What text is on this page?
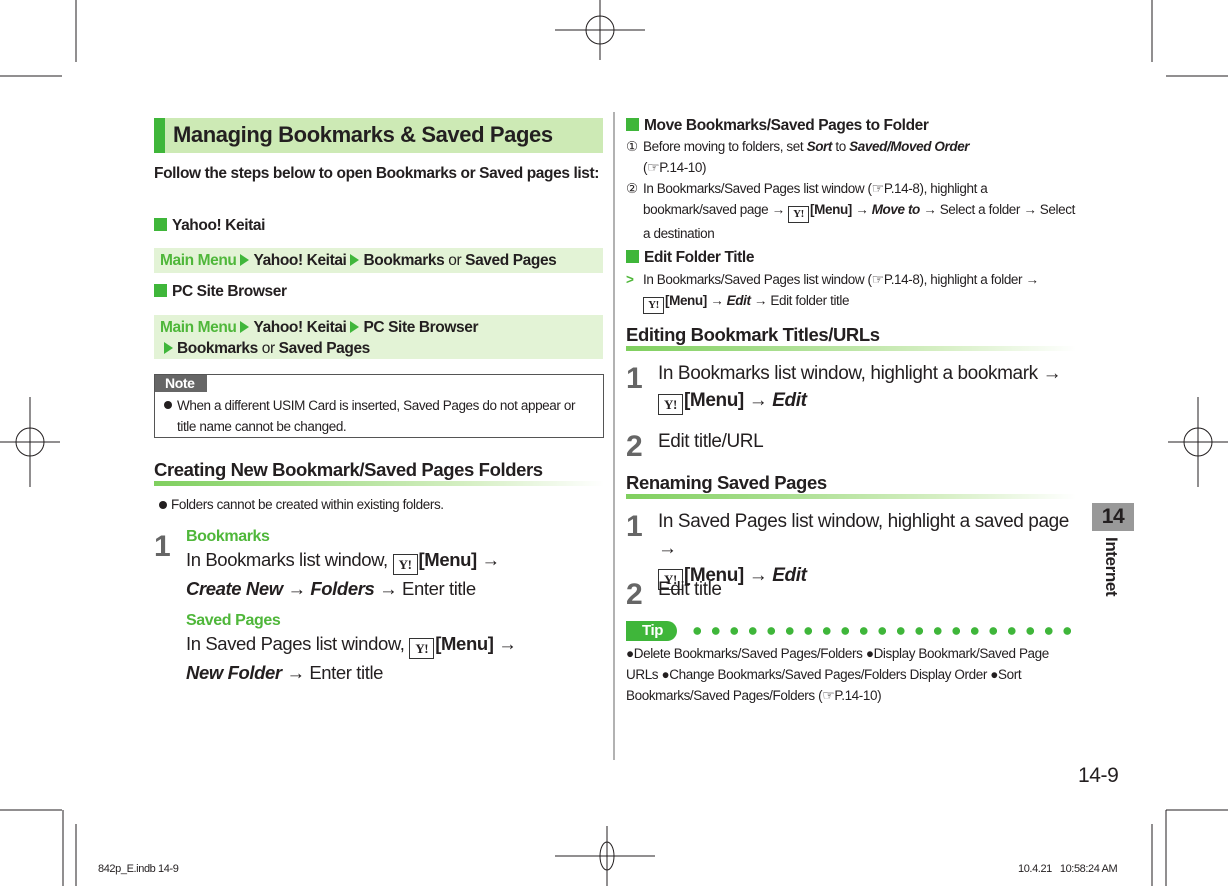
Managing Bookmarks & Saved Pages
Follow the steps below to open Bookmarks or Saved pages list:
Yahoo! Keitai
Main Menu Yahoo! Keitai Bookmarks or Saved Pages
PC Site Browser
Main Menu Yahoo! Keitai PC Site Browser
Bookmarks or Saved Pages
Note
When a different USIM Card is inserted, Saved Pages do not appear or title name cannot be changed.
Creating New Bookmark/Saved Pages Folders
Folders cannot be created within existing folders.
1 Bookmarks
In Bookmarks list window, Y![Menu] →
Create New → Folders → Enter title
Saved Pages
In Saved Pages list window, Y![Menu] →
New Folder → Enter title
Move Bookmarks/Saved Pages to Folder
① Before moving to folders, set Sort to Saved/Moved Order
( ☞ P.14-10)
② In Bookmarks/Saved Pages list window ( ☞ P.14-8), highlight a bookmark/saved page → Y![Menu] → Move to → Select a folder → Select a destination
Edit Folder Title
> In Bookmarks/Saved Pages list window ( ☞ P.14-8), highlight a folder →
Y![Menu] → Edit → Edit folder title
Editing Bookmark Titles/URLs
1 In Bookmarks list window, highlight a bookmark →
Y![Menu] → Edit
2 Edit title/URL
Renaming Saved Pages
1 In Saved Pages list window, highlight a saved page →
Y![Menu] → Edit
2 Edit title
Tip
●Delete Bookmarks/Saved Pages/Folders ●Display Bookmark/Saved Page URLs ●Change Bookmarks/Saved Pages/Folders Display Order ●Sort Bookmarks/Saved Pages/Folders ( ☞ P.14-10)
14
Internet
14-9
842p_E.indb 14-9	10.4.21   10:58:24 AM
